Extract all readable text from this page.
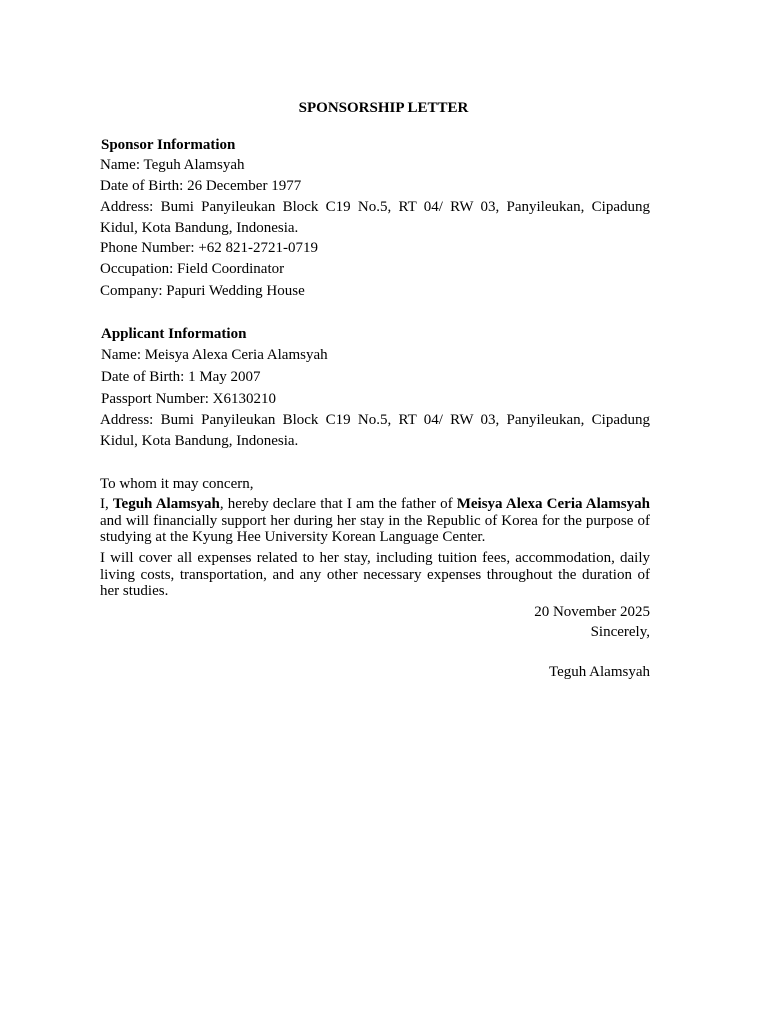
SPONSORSHIP LETTER
Sponsor Information
Name: Teguh Alamsyah
Date of Birth: 26 December 1977
Address: Bumi Panyileukan Block C19 No.5, RT 04/ RW 03, Panyileukan, Cipadung Kidul, Kota Bandung, Indonesia.
Phone Number: +62 821-2721-0719
Occupation: Field Coordinator
Company: Papuri Wedding House
Applicant Information
Name: Meisya Alexa Ceria Alamsyah
Date of Birth: 1 May 2007
Passport Number: X6130210
Address: Bumi Panyileukan Block C19 No.5, RT 04/ RW 03, Panyileukan, Cipadung Kidul, Kota Bandung, Indonesia.
To whom it may concern,
I, Teguh Alamsyah, hereby declare that I am the father of Meisya Alexa Ceria Alamsyah and will financially support her during her stay in the Republic of Korea for the purpose of studying at the Kyung Hee University Korean Language Center.
I will cover all expenses related to her stay, including tuition fees, accommodation, daily living costs, transportation, and any other necessary expenses throughout the duration of her studies.
20 November 2025
Sincerely,
Teguh Alamsyah
